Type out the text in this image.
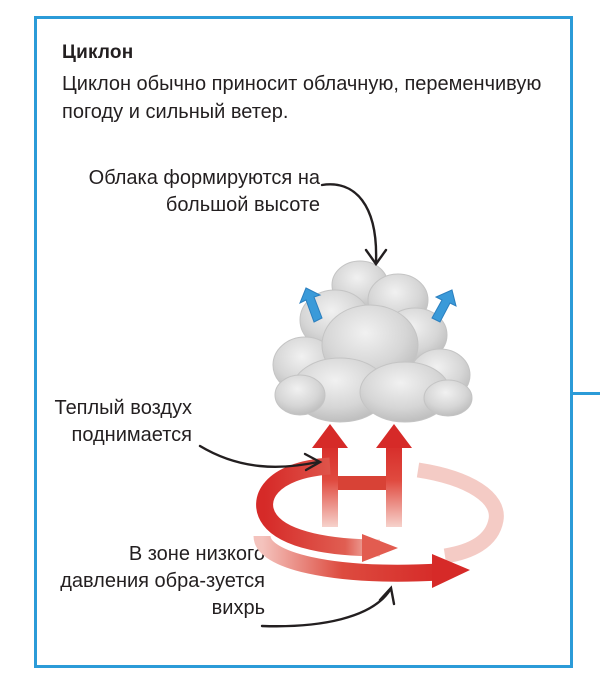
Циклон
Циклон обычно приносит облачную, переменчивую погоду и сильный ветер.
Облака формируются на большой высоте
Теплый воздух поднимается
В зоне низкого давления обра-зуется вихрь
